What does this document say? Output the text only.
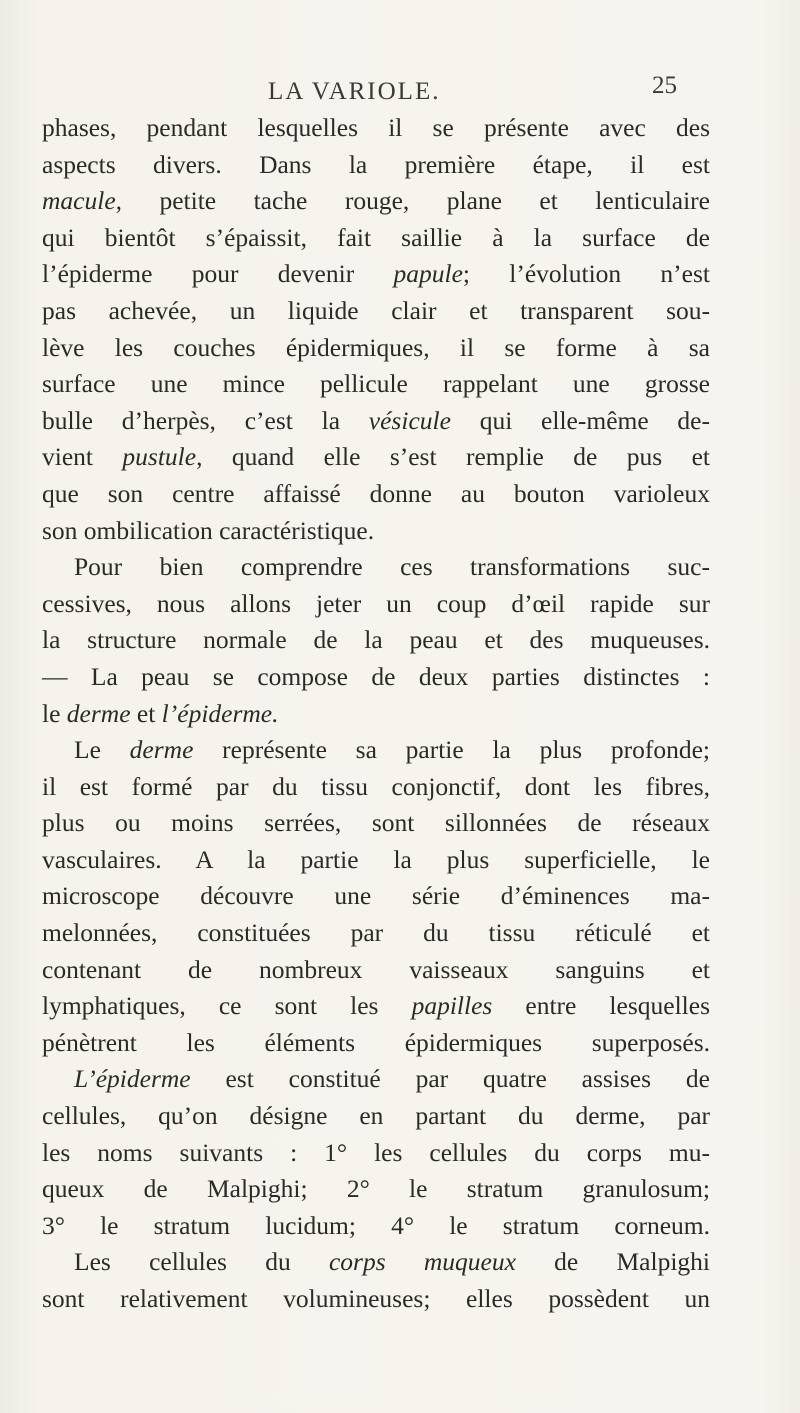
LA VARIOLE.	25
phases, pendant lesquelles il se présente avec des
aspects divers. Dans la première étape, il est
macule, petite tache rouge, plane et lenticulaire
qui bientôt s’épaissit, fait saillie à la surface de
l’épiderme pour devenir papule; l’évolution n’est
pas achevée, un liquide clair et transparent sou-
lève les couches épidermiques, il se forme à sa
surface une mince pellicule rappelant une grosse
bulle d’herpès, c’est la vésicule qui elle-même de-
vient pustule, quand elle s’est remplie de pus et
que son centre affaissé donne au bouton varioleux
son ombilication caractéristique.
Pour bien comprendre ces transformations suc-
cessives, nous allons jeter un coup d’œil rapide sur
la structure normale de la peau et des muqueuses.
— La peau se compose de deux parties distinctes :
le derme et l’épiderme.
Le derme représente sa partie la plus profonde;
il est formé par du tissu conjonctif, dont les fibres,
plus ou moins serrées, sont sillonnées de réseaux
vasculaires. A la partie la plus superficielle, le
microscope découvre une série d’éminences ma-
melonnées, constituées par du tissu réticulé et
contenant de nombreux vaisseaux sanguins et
lymphatiques, ce sont les papilles entre lesquelles
pénètrent les éléments épidermiques superposés.
L’épiderme est constitué par quatre assises de
cellules, qu’on désigne en partant du derme, par
les noms suivants : 1° les cellules du corps mu-
queux de Malpighi; 2° le stratum granulosum;
3° le stratum lucidum; 4° le stratum corneum.
Les cellules du corps muqueux de Malpighi
sont relativement volumineuses; elles possèdent un
